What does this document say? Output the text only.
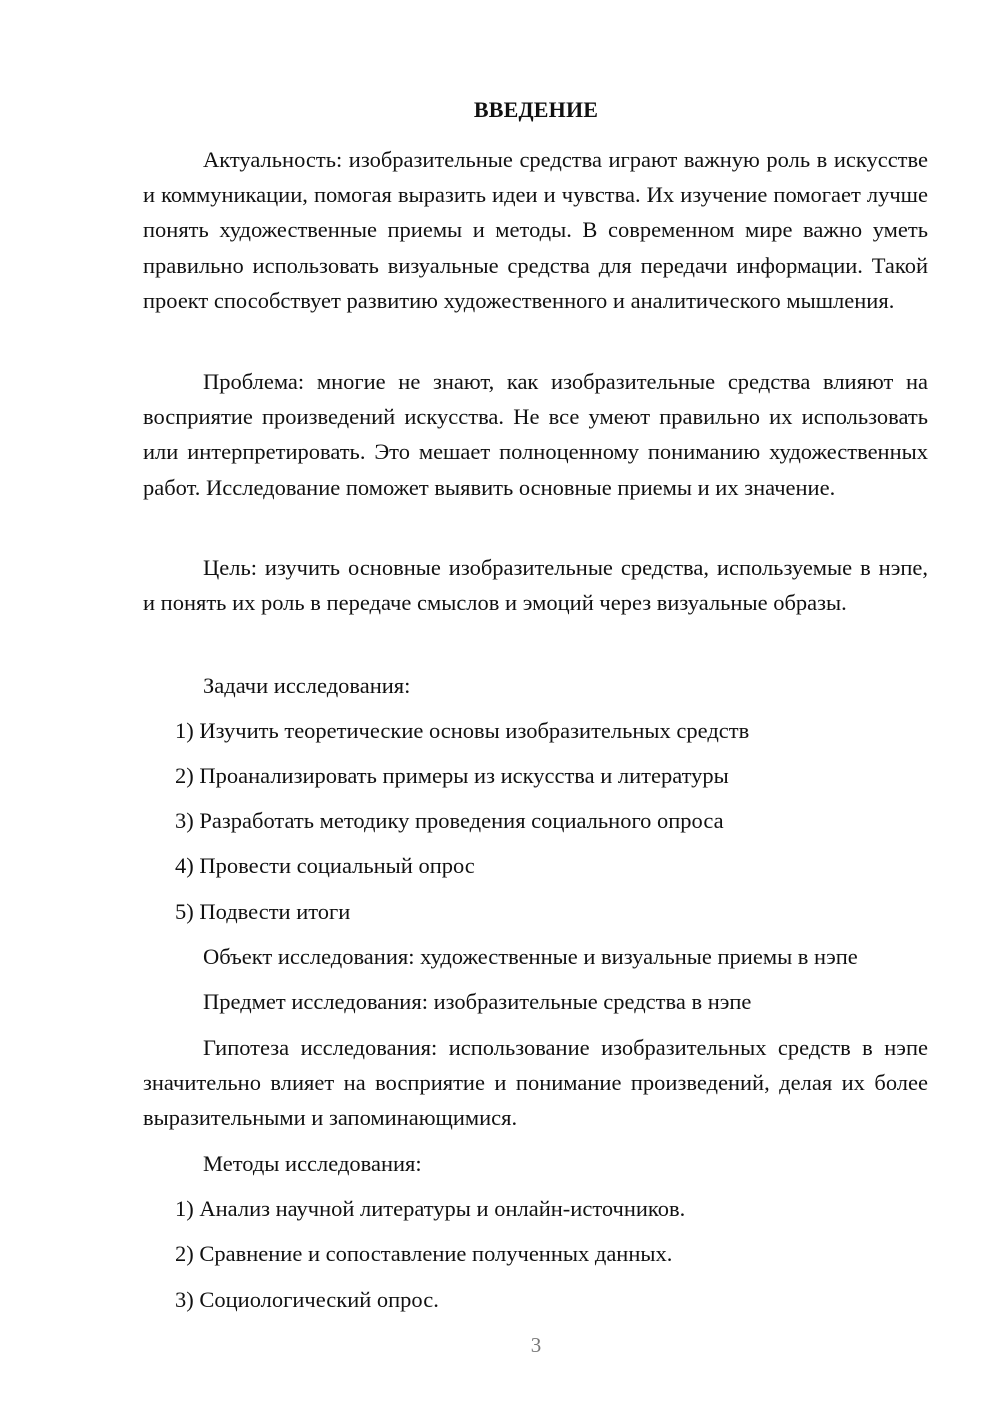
ВВЕДЕНИЕ

Актуальность: изобразительные средства играют важную роль в искусстве и коммуникации, помогая выразить идеи и чувства. Их изучение помогает лучше понять художественные приемы и методы. В современном мире важно уметь правильно использовать визуальные средства для передачи информации. Такой проект способствует развитию художественного и аналитического мышления.

Проблема: многие не знают, как изобразительные средства влияют на восприятие произведений искусства. Не все умеют правильно их использовать или интерпретировать. Это мешает полноценному пониманию художественных работ. Исследование поможет выявить основные приемы и их значение.

Цель: изучить основные изобразительные средства, используемые в нэпе, и понять их роль в передаче смыслов и эмоций через визуальные образы.

Задачи исследования:
1) Изучить теоретические основы изобразительных средств
2) Проанализировать примеры из искусства и литературы
3) Разработать методику проведения социального опроса
4) Провести социальный опрос
5) Подвести итоги
Объект исследования: художественные и визуальные приемы в нэпе
Предмет исследования: изобразительные средства в нэпе

Гипотеза исследования: использование изобразительных средств в нэпе значительно влияет на восприятие и понимание произведений, делая их более выразительными и запоминающимися.

Методы исследования:
1) Анализ научной литературы и онлайн-источников.
2) Сравнение и сопоставление полученных данных.
3) Социологический опрос.
3
